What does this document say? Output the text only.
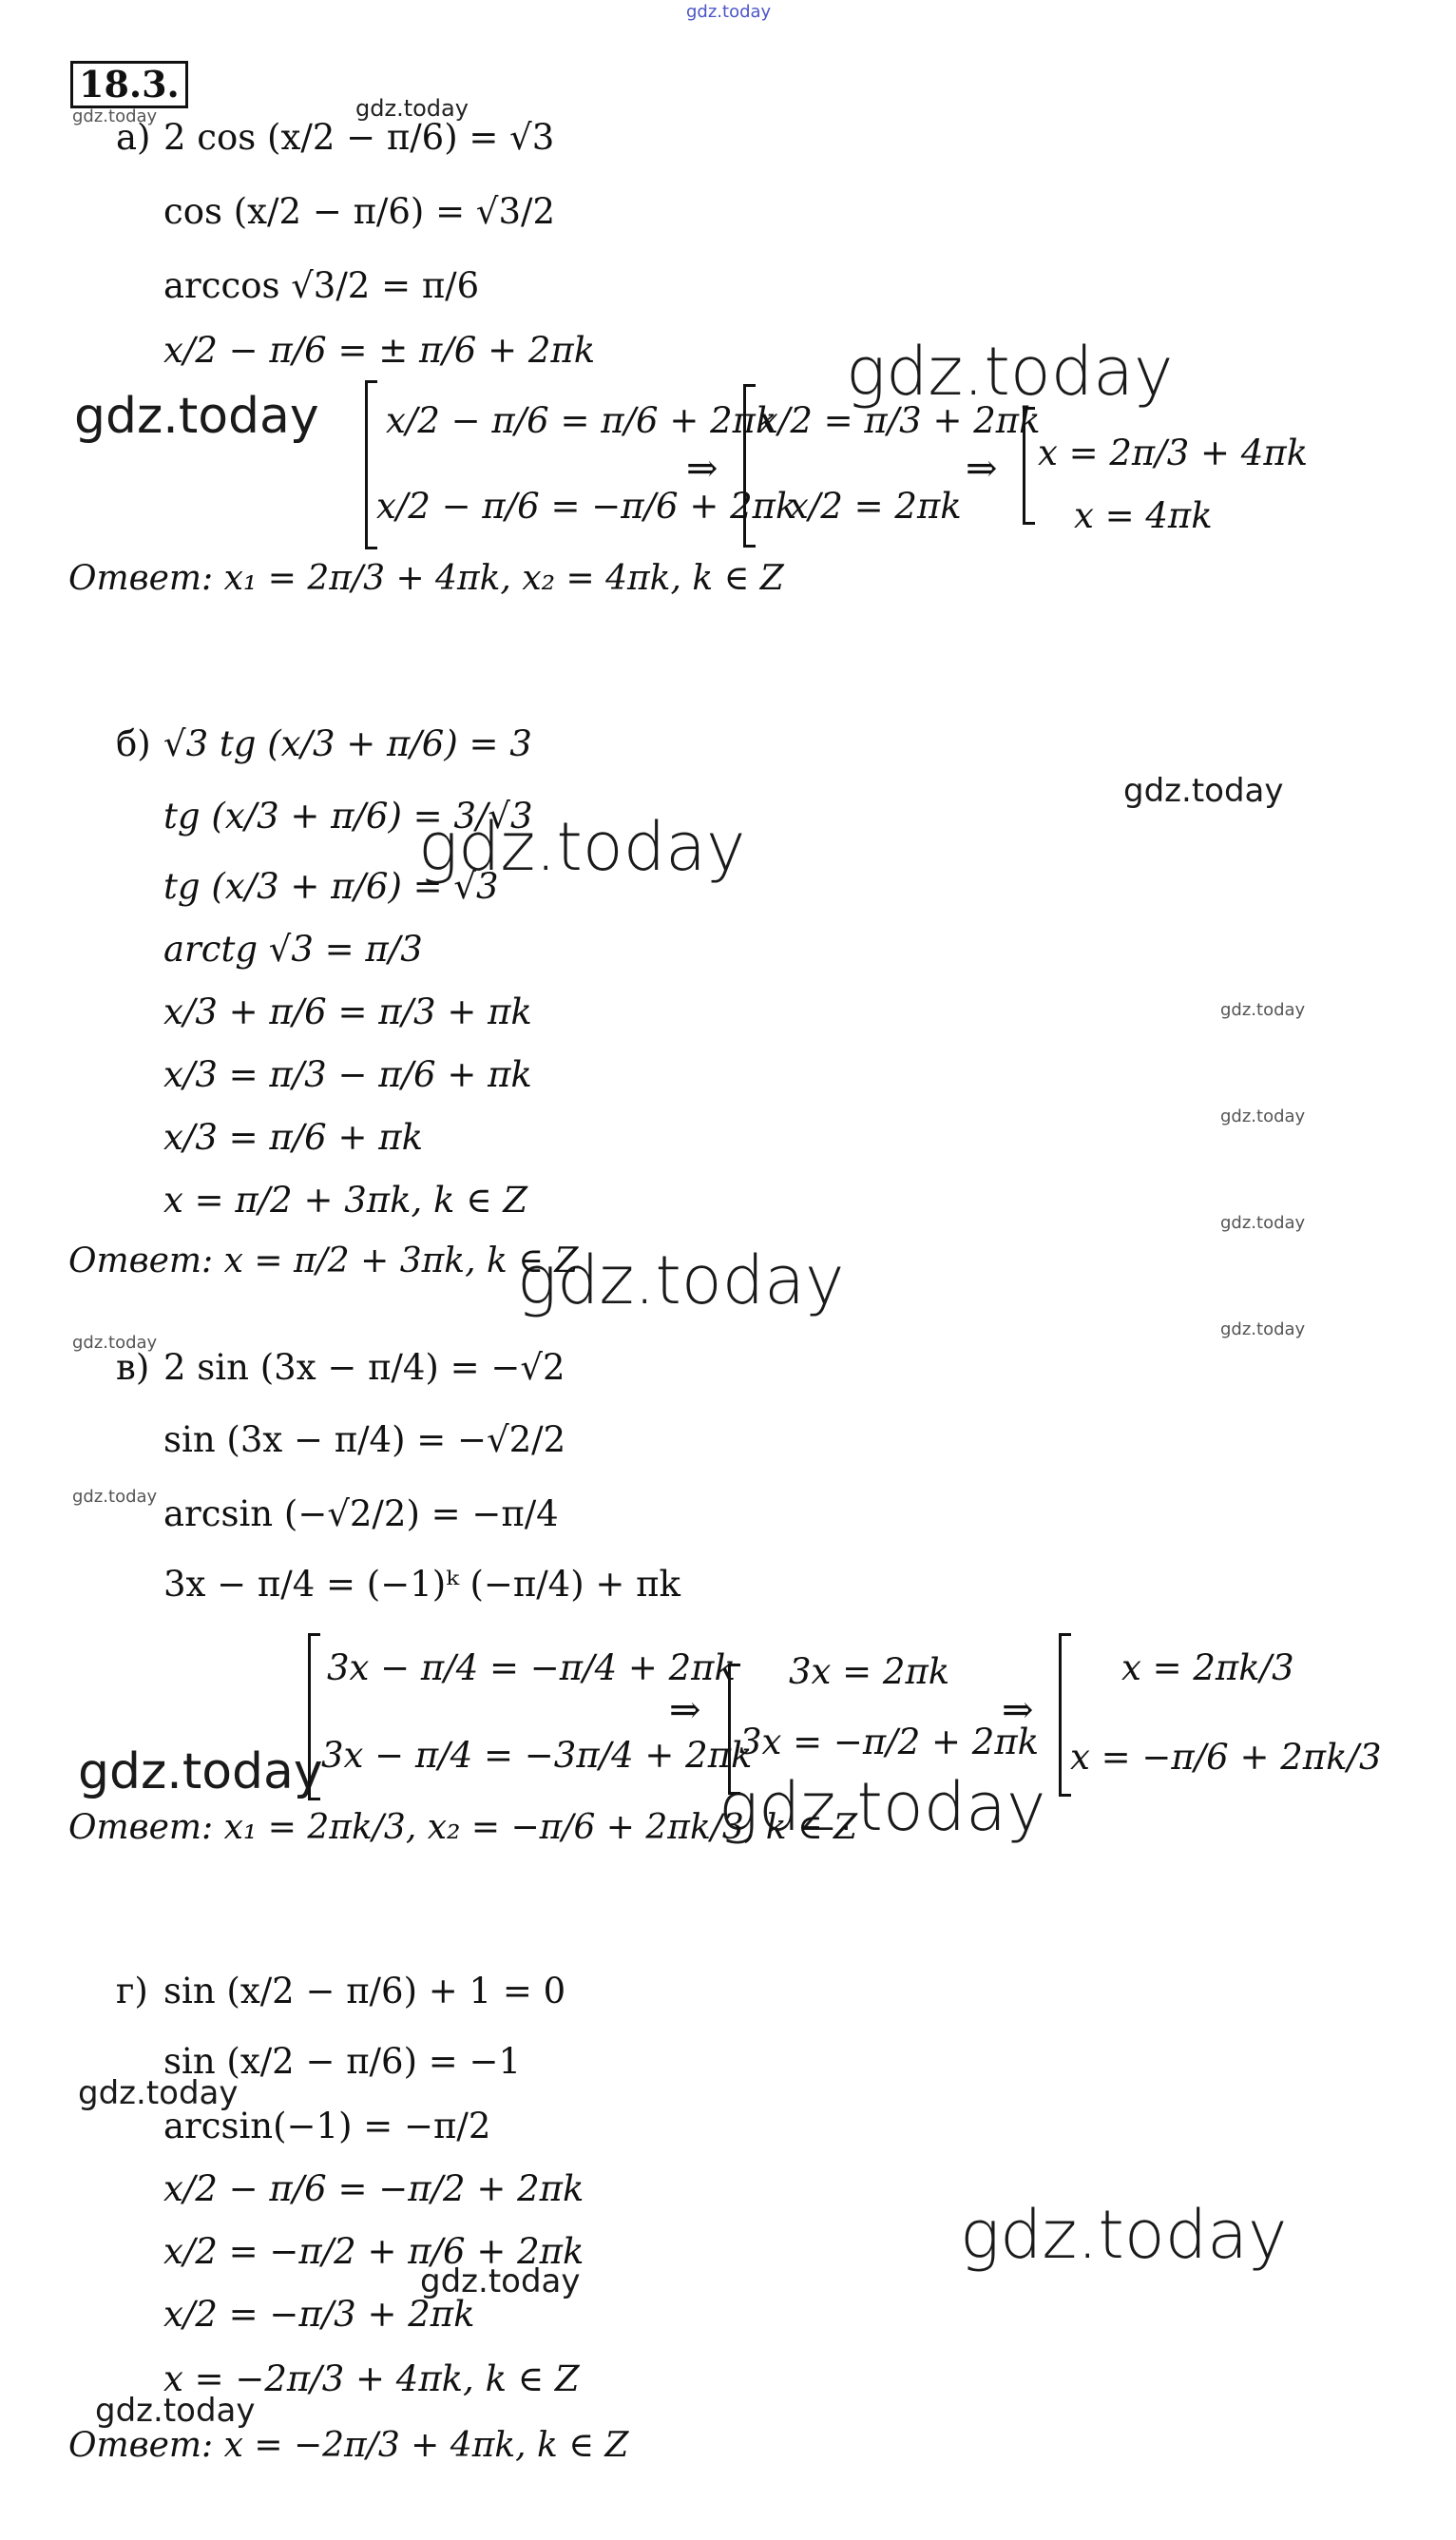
gdz.today
gdz.today	gdz.today
gdz.today
gdz.today
gdz.today
gdz.today
gdz.today
gdz.today
gdz.today
gdz.today
gdz.today
gdz.today
gdz.today
gdz.today	gdz.today
gdz.today
gdz.today
gdz.today
gdz.today
18.3.
а) 2 cos (x/2 − π/6) = √3
cos (x/2 − π/6) = √3/2
arccos √3/2 = π/6
x/2 − π/6 = ± π/6 + 2πk
x/2 − π/6 = π/6 + 2πk
x/2 − π/6 = −π/6 + 2πk
⇒
x/2 = π/3 + 2πk
x/2 = 2πk
⇒ x = 2π/3 + 4πk
x = 4πk
Ответ: x₁ = 2π/3 + 4πk, x₂ = 4πk, k ∈ Z
б) √3 tg (x/3 + π/6) = 3
tg (x/3 + π/6) = 3/√3
tg (x/3 + π/6) = √3
arctg √3 = π/3
x/3 + π/6 = π/3 + πk
x/3 = π/3 − π/6 + πk
x/3 = π/6 + πk
x = π/2 + 3πk, k ∈ Z
Ответ: x = π/2 + 3πk, k ∈ Z
в) 2 sin (3x − π/4) = −√2
sin (3x − π/4) = −√2/2
arcsin (−√2/2) = −π/4
3x − π/4 = (−1)ᵏ (−π/4) + πk
3x − π/4 = −π/4 + 2πk
3x − π/4 = −3π/4 + 2πk
⇒
3x = 2πk
3x = −π/2 + 2πk
⇒
x = 2πk/3
x = −π/6 + 2πk/3
Ответ: x₁ = 2πk/3, x₂ = −π/6 + 2πk/3, k ∈ Z
г) sin (x/2 − π/6) + 1 = 0
sin (x/2 − π/6) = −1
arcsin(−1) = −π/2
x/2 − π/6 = −π/2 + 2πk
x/2 = −π/2 + π/6 + 2πk
x/2 = −π/3 + 2πk
x = −2π/3 + 4πk, k ∈ Z
Ответ: x = −2π/3 + 4πk, k ∈ Z
